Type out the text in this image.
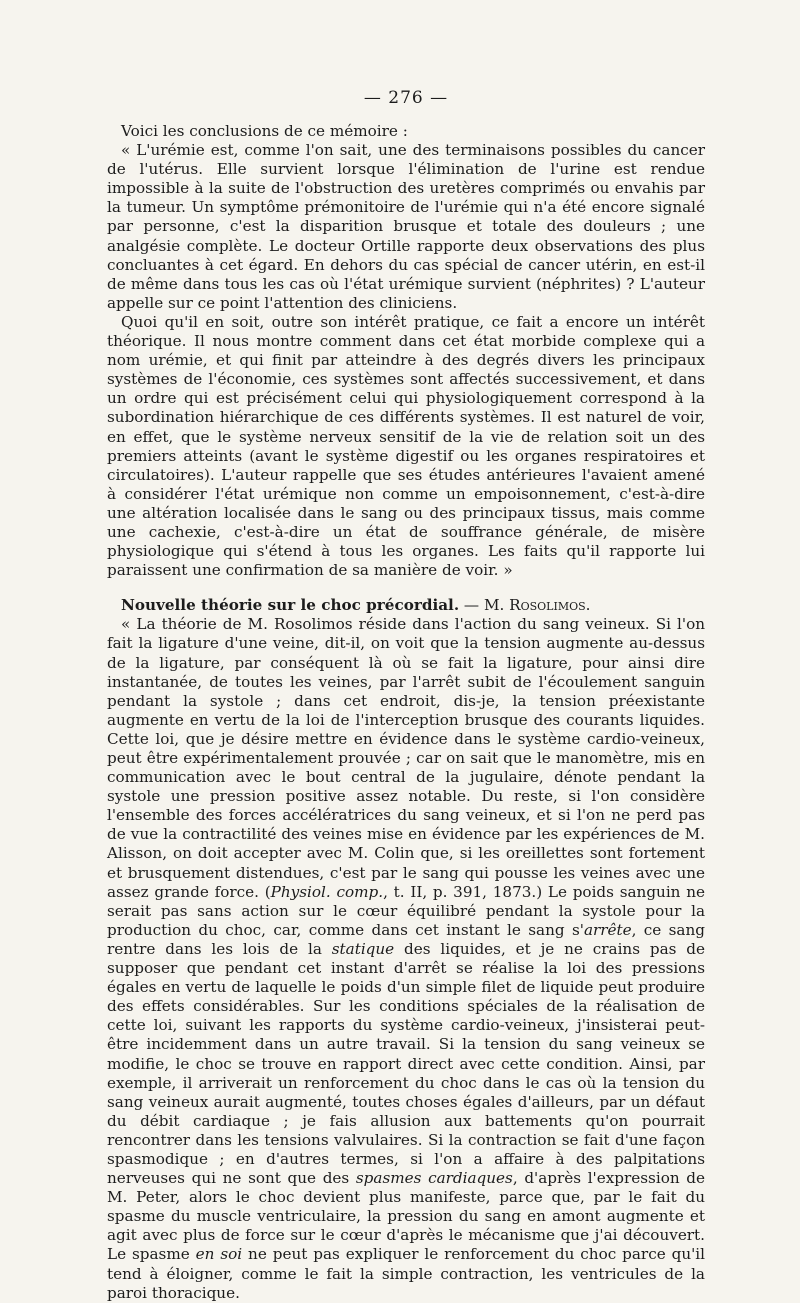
— 276 —

Voici les conclusions de ce mémoire :

« L'urémie est, comme l'on sait, une des terminaisons possibles du cancer de l'utérus. Elle survient lorsque l'élimination de l'urine est rendue impossible à la suite de l'obstruction des uretères comprimés ou envahis par la tumeur. Un symptôme prémonitoire de l'urémie qui n'a été encore signalé par personne, c'est la disparition brusque et totale des douleurs ; une analgésie complète. Le docteur Ortille rapporte deux observations des plus concluantes à cet égard. En dehors du cas spécial de cancer utérin, en est-il de même dans tous les cas où l'état urémique survient (néphrites) ? L'auteur appelle sur ce point l'attention des cliniciens.

Quoi qu'il en soit, outre son intérêt pratique, ce fait a encore un intérêt théorique. Il nous montre comment dans cet état morbide complexe qui a nom urémie, et qui finit par atteindre à des degrés divers les principaux systèmes de l'économie, ces systèmes sont affectés successivement, et dans un ordre qui est précisément celui qui physiologiquement correspond à la subordination hiérarchique de ces différents systèmes. Il est naturel de voir, en effet, que le système nerveux sensitif de la vie de relation soit un des premiers atteints (avant le système digestif ou les organes respiratoires et circulatoires). L'auteur rappelle que ses études antérieures l'avaient amené à considérer l'état urémique non comme un empoisonnement, c'est-à-dire une altération localisée dans le sang ou des principaux tissus, mais comme une cachexie, c'est-à-dire un état de souffrance générale, de misère physiologique qui s'étend à tous les organes. Les faits qu'il rapporte lui paraissent une confirmation de sa manière de voir. »

Nouvelle théorie sur le choc précordial. — M. Rosolimos.

« La théorie de M. Rosolimos réside dans l'action du sang veineux. Si l'on fait la ligature d'une veine, dit-il, on voit que la tension augmente au-dessus de la ligature, par conséquent là où se fait la ligature, pour ainsi dire instantanée, de toutes les veines, par l'arrêt subit de l'écoulement sanguin pendant la systole ; dans cet endroit, dis-je, la tension préexistante augmente en vertu de la loi de l'interception brusque des courants liquides. Cette loi, que je désire mettre en évidence dans le système cardio-veineux, peut être expérimentalement prouvée ; car on sait que le manomètre, mis en communication avec le bout central de la jugulaire, dénote pendant la systole une pression positive assez notable. Du reste, si l'on considère l'ensemble des forces accélératrices du sang veineux, et si l'on ne perd pas de vue la contractilité des veines mise en évidence par les expériences de M. Alisson, on doit accepter avec M. Colin que, si les oreillettes sont fortement et brusquement distendues, c'est par le sang qui pousse les veines avec une assez grande force. (Physiol. comp., t. II, p. 391, 1873.) Le poids sanguin ne serait pas sans action sur le cœur équilibré pendant la systole pour la production du choc, car, comme dans cet instant le sang s'arrête, ce sang rentre dans les lois de la statique des liquides, et je ne crains pas de supposer que pendant cet instant d'arrêt se réalise la loi des pressions égales en vertu de laquelle le poids d'un simple filet de liquide peut produire des effets considérables. Sur les conditions spéciales de la réalisation de cette loi, suivant les rapports du système cardio-veineux, j'insisterai peut-être incidemment dans un autre travail. Si la tension du sang veineux se modifie, le choc se trouve en rapport direct avec cette condition. Ainsi, par exemple, il arriverait un renforcement du choc dans le cas où la tension du sang veineux aurait augmenté, toutes choses égales d'ailleurs, par un défaut du débit cardiaque ; je fais allusion aux battements qu'on pourrait rencontrer dans les tensions valvulaires. Si la contraction se fait d'une façon spasmodique ; en d'autres termes, si l'on a affaire à des palpitations nerveuses qui ne sont que des spasmes cardiaques, d'après l'expression de M. Peter, alors le choc devient plus manifeste, parce que, par le fait du spasme du muscle ventriculaire, la pression du sang en amont augmente et agit avec plus de force sur le cœur d'après le mécanisme que j'ai découvert. Le spasme en soi ne peut pas expliquer le renforcement du choc parce qu'il tend à éloigner, comme le fait la simple contraction, les ventricules de la paroi thoracique.
